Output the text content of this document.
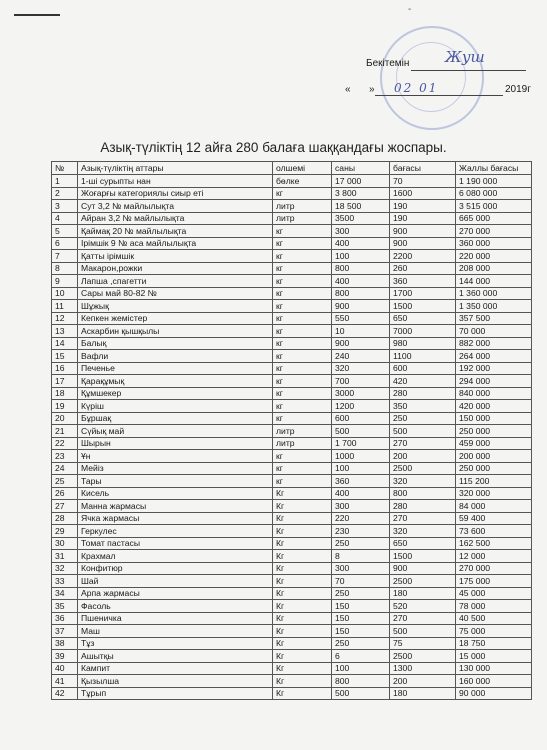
-
Бекітемін Жуш
« »	2019г
02 01
Азық-түліктің 12 айға 280 балаға шаққандағы жоспары.
№	Азық-түліктің аттары	олшемі	саны	бағасы	Жаллы бағасы
1	1-шi сурыпты нан	бөлке	17 000	70	1 190 000
2	Жоғарғы категориялы сиыр еті	кг	3 800	1600	6 080 000
3	Сут 3,2 № майлылықта	литр	18 500	190	3 515 000
4	Айран 3,2 № майлылықта	литр	3500	190	665 000
5	Қаймақ 20 № майлылықта	кг	300	900	270 000
6	Ірімшік 9 № аса майлылықта	кг	400	900	360 000
7	Қатты ірімшік	кг	100	2200	220 000
8	Макарон,рожки	кг	800	260	208 000
9	Лапша ,спагетти	кг	400	360	144 000
10	Сары май 80-82 №	кг	800	1700	1 360 000
11	Шұжық	кг	900	1500	1 350 000
12	Кепкен жемістер	кг	550	650	357 500
13	Аскарбин қышқылы	кг	10	7000	70 000
14	Балық	кг	900	980	882 000
15	Вафли	кг	240	1100	264 000
16	Печенье	кг	320	600	192 000
17	Қарақұмық	кг	700	420	294 000
18	Құмшекер	кг	3000	280	840 000
19	Күріш	кг	1200	350	420 000
20	Бұршақ	кг	600	250	150 000
21	Сүйық май	литр	500	500	250 000
22	Шырын	литр	1 700	270	459 000
23	Ұн	кг	1000	200	200 000
24	Мейіз	кг	100	2500	250 000
25	Тары	кг	360	320	115 200
26	Кисель	Кг	400	800	320 000
27	Манна жармасы	Кг	300	280	84 000
28	Ячка жармасы	Кг	220	270	59 400
29	Геркулес	Кг	230	320	73 600
30	Томат пастасы	Кг	250	650	162 500
31	Крахмал	Кг	8	1500	12 000
32	Конфитюр	Кг	300	900	270 000
33	Шай	Кг	70	2500	175 000
34	Арпа жармасы	Кг	250	180	45 000
35	Фасоль	Кг	150	520	78 000
36	Пшеничка	Кг	150	270	40 500
37	Маш	Кг	150	500	75 000
38	Тұз	Кг	250	75	18 750
39	Ашытқы	Кг	6	2500	15 000
40	Кампит	Кг	100	1300	130 000
41	Қызылша	Кг	800	200	160 000
42	Тұрып	Кг	500	180	90 000
